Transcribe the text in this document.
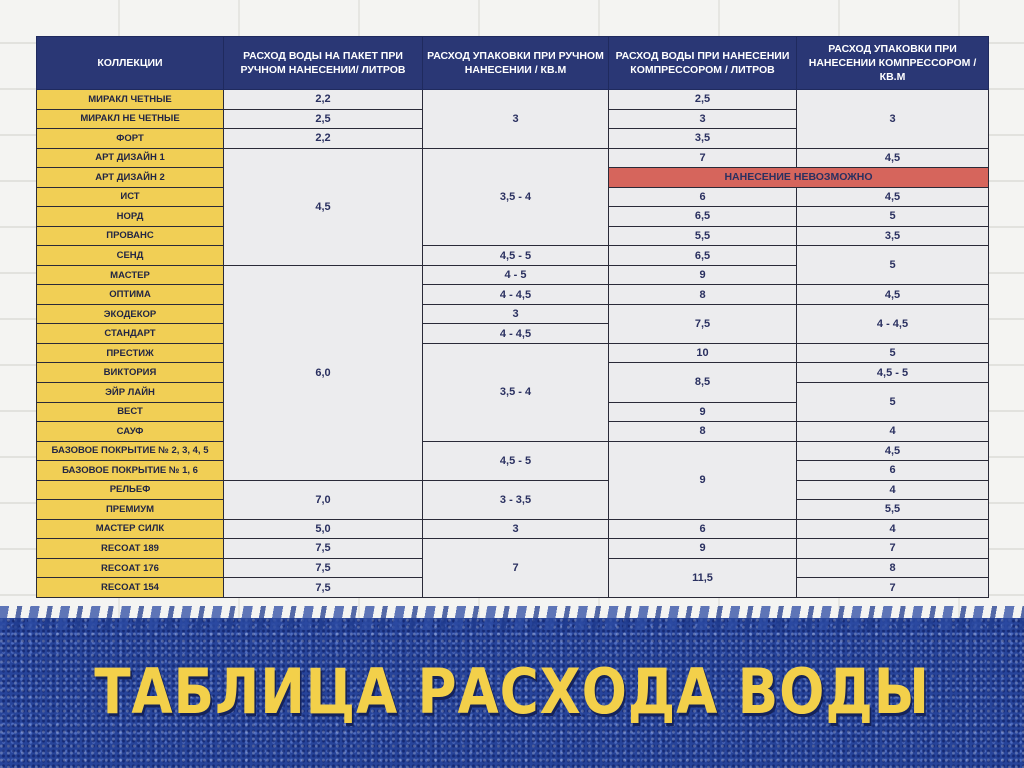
КОЛЛЕКЦИИ	РАСХОД ВОДЫ НА ПАКЕТ ПРИ РУЧНОМ НАНЕСЕНИИ/ ЛИТРОВ	РАСХОД УПАКОВКИ ПРИ РУЧНОМ НАНЕСЕНИИ / КВ.М	РАСХОД ВОДЫ ПРИ НАНЕСЕНИИ КОМПРЕССОРОМ / ЛИТРОВ	РАСХОД УПАКОВКИ ПРИ НАНЕСЕНИИ КОМПРЕССОРОМ / КВ.М
МИРАКЛ ЧЕТНЫЕ	2,2	3	2,5	3
МИРАКЛ НЕ ЧЕТНЫЕ	2,5		3	
ФОРТ	2,2		3,5	
АРТ ДИЗАЙН 1	4,5	3,5 - 4	7	4,5
АРТ ДИЗАЙН 2			НАНЕСЕНИЕ НЕВОЗМОЖНО	
ИСТ			6	4,5
НОРД			6,5	5
ПРОВАНС			5,5	3,5
СЕНД		4,5 - 5	6,5	5
МАСТЕР	6,0	4 - 5	9	
ОПТИМА		4 - 4,5	8	4,5
ЭКОДЕКОР		3	7,5	4 - 4,5
СТАНДАРТ		4 - 4,5		
ПРЕСТИЖ		3,5 - 4	10	5
ВИКТОРИЯ			8,5	4,5 - 5
ЭЙР ЛАЙН				5
ВЕСТ			9	
САУФ			8	4
БАЗОВОЕ ПОКРЫТИЕ № 2, 3, 4, 5		4,5 - 5	9	4,5
БАЗОВОЕ ПОКРЫТИЕ № 1, 6				6
РЕЛЬЕФ	7,0	3 - 3,5		4
ПРЕМИУМ				5,5
МАСТЕР СИЛК	5,0	3	6	4
RECOAT 189	7,5	7	9	7
RECOAT 176	7,5		11,5	8
RECOAT 154	7,5			7
ТАБЛИЦА РАСХОДА ВОДЫ
